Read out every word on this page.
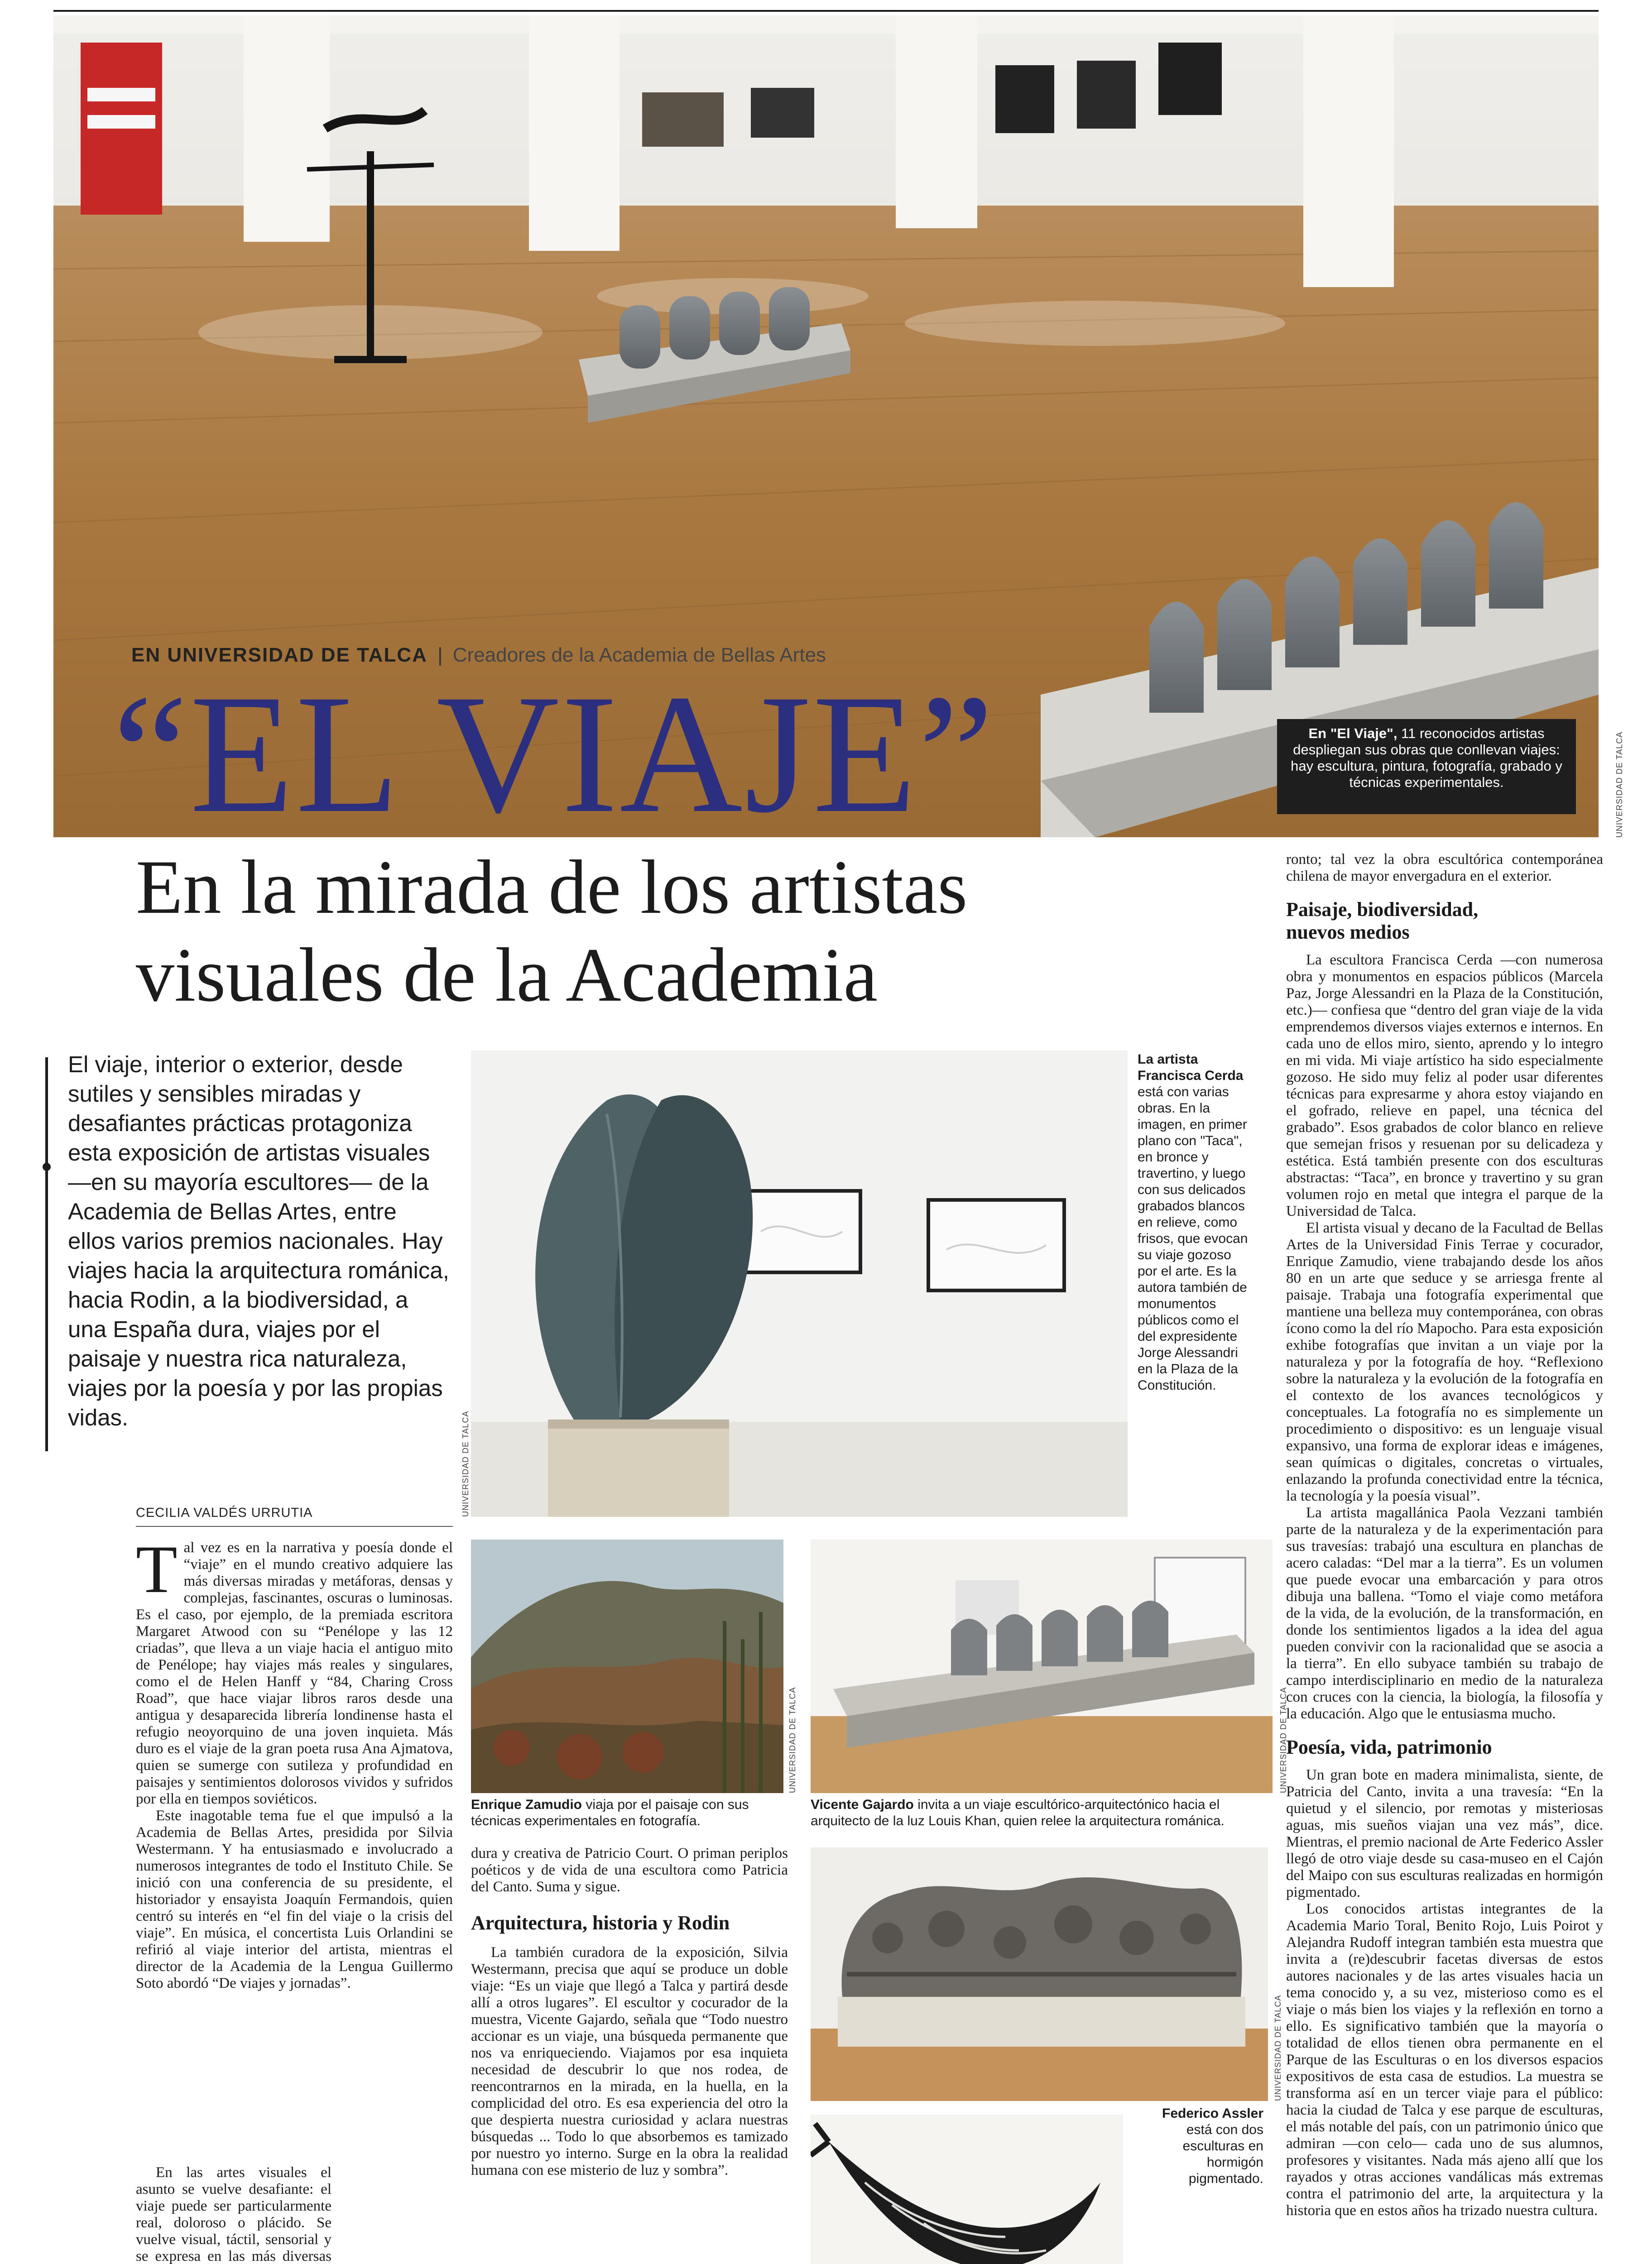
En "El Viaje", 11 reconocidos artistas despliegan sus obras que conllevan viajes: hay escultura, pintura, fotografía, grabado y técnicas experimentales.	UNIVERSIDAD DE TALCA
EN UNIVERSIDAD DE TALCA | Creadores de la Academia de Bellas Artes
“EL VIAJE”
En la mirada de los artistas
visuales de la Academia
El viaje, interior o exterior, desde sutiles y sensibles miradas y desafiantes prácticas protagoniza esta exposición de artistas visuales —en su mayoría escultores— de la Academia de Bellas Artes, entre ellos varios premios nacionales. Hay viajes hacia la arquitectura románica, hacia Rodin, a la biodiversidad, a una España dura, viajes por el paisaje y nuestra rica naturaleza, viajes por la poesía y por las propias vidas.
CECILIA VALDÉS URRUTIA

Tal vez es en la narrativa y poesía donde el “viaje” en el mundo creativo adquiere las más diversas miradas y metáforas, densas y complejas, fascinantes, oscuras o luminosas. Es el caso, por ejemplo, de la premiada escritora Margaret Atwood con su “Penélope y las 12 criadas”, que lleva a un viaje hacia el antiguo mito de Penélope; hay viajes más reales y singulares, como el de Helen Hanff y “84, Charing Cross Road”, que hace viajar libros raros desde una antigua y desaparecida librería londinense hasta el refugio neoyorquino de una joven inquieta. Más duro es el viaje de la gran poeta rusa Ana Ajmatova, quien se sumerge con sutileza y profundidad en paisajes y sentimientos dolorosos vividos y sufridos por ella en tiempos soviéticos.

Este inagotable tema fue el que impulsó a la Academia de Bellas Artes, presidida por Silvia Westermann. Y ha entusiasmado e involucrado a numerosos integrantes de todo el Instituto Chile. Se inició con una conferencia de su presidente, el historiador y ensayista Joaquín Fermandois, quien centró su interés en “el fin del viaje o la crisis del viaje”. En música, el concertista Luis Orlandini se refirió al viaje interior del artista, mientras el director de la Academia de la Lengua Guillermo Soto abordó “De viajes y jornadas”.

En las artes visuales el asunto se vuelve desafiante: el viaje puede ser particularmente real, doloroso o plácido. Se vuelve visual, táctil, sensorial y se expresa en las más diversas

UNIVERSIDAD DE TALCA
La artista Francisca Cerda está con varias obras. En la imagen, en primer plano con "Taca", en bronce y travertino, y luego con sus delicados grabados blancos en relieve, como frisos, que evocan su viaje gozoso por el arte. Es la autora también de monumentos públicos como el del expresidente Jorge Alessandri en la Plaza de la Constitución.
UNIVERSIDAD DE TALCA
Enrique Zamudio viaja por el paisaje con sus técnicas experimentales en fotografía.
UNIVERSIDAD DE TALCA
Vicente Gajardo invita a un viaje escultórico-arquitectónico hacia el arquitecto de la luz Louis Khan, quien relee la arquitectura románica.

dura y creativa de Patricio Court. O priman periplos poéticos y de vida de una escultora como Patricia del Canto. Suma y sigue.

Arquitectura, historia y Rodin

La también curadora de la exposición, Silvia Westermann, precisa que aquí se produce un doble viaje: “Es un viaje que llegó a Talca y partirá desde allí a otros lugares”. El escultor y cocurador de la muestra, Vicente Gajardo, señala que “Todo nuestro accionar es un viaje, una búsqueda permanente que nos va enriqueciendo. Viajamos por esa inquieta necesidad de descubrir lo que nos rodea, de reencontrarnos en la mirada, en la huella, en la complicidad del otro. Es esa experiencia del otro la que despierta nuestra curiosidad y aclara nuestras búsquedas ... Todo lo que absorbemos es tamizado por nuestro yo interno. Surge en la obra la realidad humana con ese misterio de luz y sombra”.

UNIVERSIDAD DE TALCA
Federico Assler está con dos esculturas en hormigón pigmentado.

ronto; tal vez la obra escultórica contemporánea chilena de mayor envergadura en el exterior.

Paisaje, biodiversidad,
nuevos medios

La escultora Francisca Cerda —con numerosa obra y monumentos en espacios públicos (Marcela Paz, Jorge Alessandri en la Plaza de la Constitución, etc.)— confiesa que “dentro del gran viaje de la vida emprendemos diversos viajes externos e internos. En cada uno de ellos miro, siento, aprendo y lo integro en mi vida. Mi viaje artístico ha sido especialmente gozoso. He sido muy feliz al poder usar diferentes técnicas para expresarme y ahora estoy viajando en el gofrado, relieve en papel, una técnica del grabado”. Esos grabados de color blanco en relieve que semejan frisos y resuenan por su delicadeza y estética. Está también presente con dos esculturas abstractas: “Taca”, en bronce y travertino y su gran volumen rojo en metal que integra el parque de la Universidad de Talca.

El artista visual y decano de la Facultad de Bellas Artes de la Universidad Finis Terrae y cocurador, Enrique Zamudio, viene trabajando desde los años 80 en un arte que seduce y se arriesga frente al paisaje. Trabaja una fotografía experimental que mantiene una belleza muy contemporánea, con obras ícono como la del río Mapocho. Para esta exposición exhibe fotografías que invitan a un viaje por la naturaleza y por la fotografía de hoy. “Reflexiono sobre la naturaleza y la evolución de la fotografía en el contexto de los avances tecnológicos y conceptuales. La fotografía no es simplemente un procedimiento o dispositivo: es un lenguaje visual expansivo, una forma de explorar ideas e imágenes, sean químicas o digitales, concretas o virtuales, enlazando la profunda conectividad entre la técnica, la tecnología y la poesía visual”.

La artista magallánica Paola Vezzani también parte de la naturaleza y de la experimentación para sus travesías: trabajó una escultura en planchas de acero caladas: “Del mar a la tierra”. Es un volumen que puede evocar una embarcación y para otros dibuja una ballena. “Tomo el viaje como metáfora de la vida, de la evolución, de la transformación, en donde los sentimientos ligados a la idea del agua pueden convivir con la racionalidad que se asocia a la tierra”. En ello subyace también su trabajo de campo interdisciplinario en medio de la naturaleza con cruces con la ciencia, la biología, la filosofía y la educación. Algo que le entusiasma mucho.

Poesía, vida, patrimonio

Un gran bote en madera minimalista, siente, de Patricia del Canto, invita a una travesía: “En la quietud y el silencio, por remotas y misteriosas aguas, mis sueños viajan una vez más”, dice. Mientras, el premio nacional de Arte Federico Assler llegó de otro viaje desde su casa-museo en el Cajón del Maipo con sus esculturas realizadas en hormigón pigmentado.

Los conocidos artistas integrantes de la Academia Mario Toral, Benito Rojo, Luis Poirot y Alejandra Rudoff integran también esta muestra que invita a (re)descubrir facetas diversas de estos autores nacionales y de las artes visuales hacia un tema conocido y, a su vez, misterioso como es el viaje o más bien los viajes y la reflexión en torno a ello. Es significativo también que la mayoría o totalidad de ellos tienen obra permanente en el Parque de las Esculturas o en los diversos espacios expositivos de esta casa de estudios. La muestra se transforma así en un tercer viaje para el público: hacia la ciudad de Talca y ese parque de esculturas, el más notable del país, con un patrimonio único que admiran —con celo— cada uno de sus alumnos, profesores y visitantes. Nada más ajeno allí que los rayados y otras acciones vandálicas más extremas contra el patrimonio del arte, la arquitectura y la historia que en estos años ha trizado nuestra cultura.
